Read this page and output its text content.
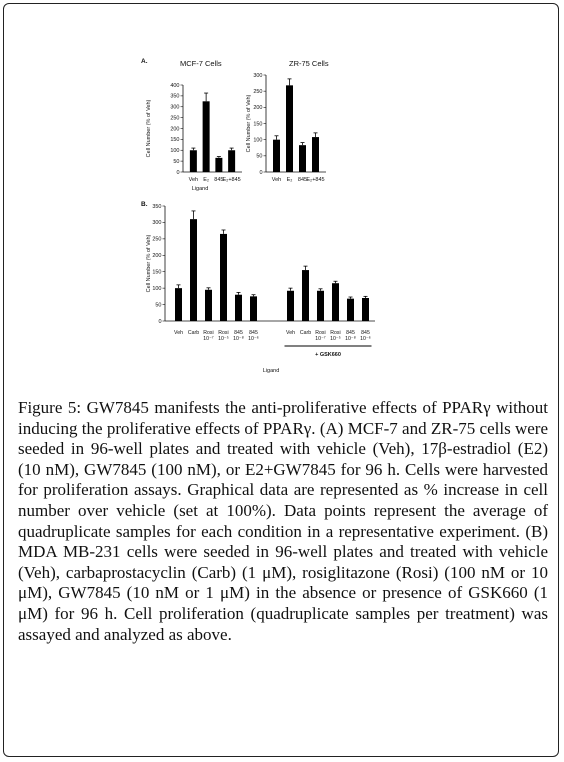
0
50
100
150
200
250
300
350
400
Cell Number (% of Veh)
MCF-7 Cells
A.
Veh E₂ 845 E₂+845
Ligand
0
50
100
150
200
250
300
Cell Number (% of Veh)
ZR-75 Cells
Veh E₂ 845 E₂+845
0
50
100
150
200
250
300
350
Cell Number (% of Veh)
B.
Veh Carb Rosi 10⁻⁷
Rosi 10⁻⁵
845 10⁻⁸
845 10⁻⁶
Veh Carb Rosi 10⁻⁷
Rosi 10⁻⁵
845 10⁻⁸
845 10⁻⁶
Ligand
+ GSK660
Figure 5: GW7845 manifests the anti-proliferative effects of PPARγ without inducing the proliferative effects of PPARγ. (A) MCF-7 and ZR-75 cells were seeded in 96-well plates and treated with vehicle (Veh), 17β-estradiol (E2) (10 nM), GW7845 (100 nM), or E2+GW7845 for 96 h. Cells were harvested for proliferation assays. Graphical data are represented as % increase in cell number over vehicle (set at 100%). Data points represent the average of quadruplicate samples for each condition in a representative experiment. (B) MDA MB-231 cells were seeded in 96-well plates and treated with vehicle (Veh), carbaprostacyclin (Carb) (1 μM), rosiglitazone (Rosi) (100 nM or 10 μM), GW7845 (10 nM or 1 μM) in the absence or presence of GSK660 (1 μM) for 96 h. Cell proliferation (quadruplicate samples per treatment) was assayed and analyzed as above.
